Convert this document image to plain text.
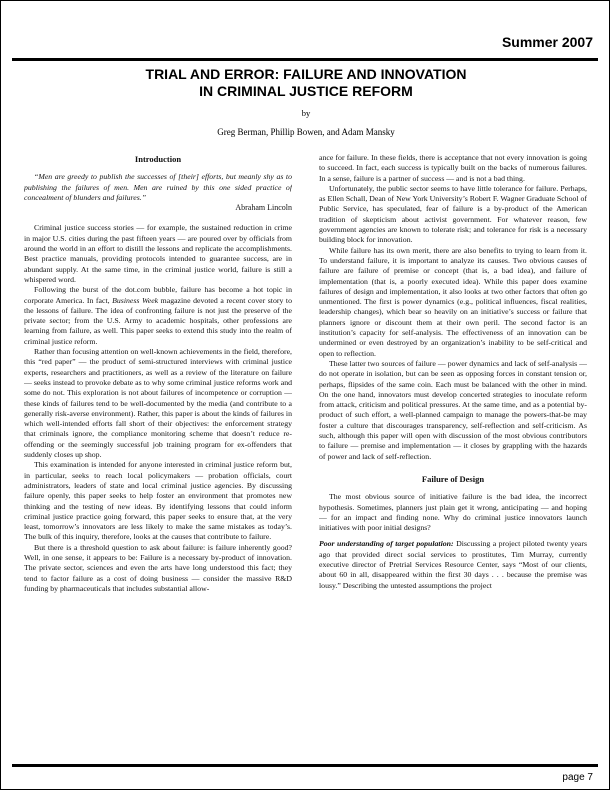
Summer 2007
TRIAL AND ERROR: FAILURE AND INNOVATION
IN CRIMINAL JUSTICE REFORM
by
Greg Berman, Phillip Bowen, and Adam Mansky
Introduction

“Men are greedy to publish the successes of [their] efforts, but meanly shy as to publishing the failures of men. Men are ruined by this one sided practice of concealment of blunders and failures.”

Abraham Lincoln

Criminal justice success stories — for example, the sustained reduction in crime in major U.S. cities during the past fifteen years — are poured over by officials from around the world in an effort to distill the lessons and replicate the accomplishments. Best practice manuals, providing protocols intended to guarantee success, are in abundant supply. At the same time, in the criminal justice world, failure is still a whispered word.

Following the burst of the dot.com bubble, failure has become a hot topic in corporate America. In fact, Business Week magazine devoted a recent cover story to the lessons of failure. The idea of confronting failure is not just the preserve of the private sector; from the U.S. Army to academic hospitals, other professions are learning from failure, as well. This paper seeks to extend this study into the realm of criminal justice reform.

Rather than focusing attention on well-known achievements in the field, therefore, this “red paper” — the product of semi-structured interviews with criminal justice experts, researchers and practitioners, as well as a review of the literature on failure — seeks instead to provoke debate as to why some criminal justice reforms work and some do not. This exploration is not about failures of incompetence or corruption — these kinds of failures tend to be well-documented by the media (and contribute to a generally risk-averse environment). Rather, this paper is about the kinds of failures in which well-intended efforts fall short of their objectives: the enforcement strategy that criminals ignore, the compliance monitoring scheme that doesn’t reduce re-offending or the seemingly successful job training program for ex-offenders that suddenly closes up shop.

This examination is intended for anyone interested in criminal justice reform but, in particular, seeks to reach local policymakers — probation officials, court administrators, leaders of state and local criminal justice agencies. By discussing failure openly, this paper seeks to help foster an environment that promotes new thinking and the testing of new ideas. By identifying lessons that could inform criminal justice practice going forward, this paper seeks to ensure that, at the very least, tomorrow’s innovators are less likely to make the same mistakes as today’s. The bulk of this inquiry, therefore, looks at the causes that contribute to failure.

But there is a threshold question to ask about failure: is failure inherently good? Well, in one sense, it appears to be: Failure is a necessary by-product of innovation. The private sector, sciences and even the arts have long understood this fact; they tend to factor failure as a cost of doing business — consider the massive R&D funding by pharmaceuticals that includes substantial allow-

ance for failure. In these fields, there is acceptance that not every innovation is going to succeed. In fact, each success is typically built on the backs of numerous failures. In a sense, failure is a partner of success — and is not a bad thing.

Unfortunately, the public sector seems to have little tolerance for failure. Perhaps, as Ellen Schall, Dean of New York University’s Robert F. Wagner Graduate School of Public Service, has speculated, fear of failure is a by-product of the American tradition of skepticism about activist government. For whatever reason, few government agencies are known to tolerate risk; and tolerance for risk is a necessary building block for innovation.

While failure has its own merit, there are also benefits to trying to learn from it. To understand failure, it is important to analyze its causes. Two obvious causes of failure are failure of premise or concept (that is, a bad idea), and failure of implementation (that is, a poorly executed idea). While this paper does examine failures of design and implementation, it also looks at two other factors that often go unmentioned. The first is power dynamics (e.g., political influences, fiscal realities, leadership changes), which bear so heavily on an initiative’s success or failure that planners ignore or discount them at their own peril. The second factor is an institution’s capacity for self-analysis. The effectiveness of an innovation can be undermined or even destroyed by an organization’s inability to be self-critical and open to reflection.

These latter two sources of failure — power dynamics and lack of self-analysis — do not operate in isolation, but can be seen as opposing forces in constant tension or, perhaps, flipsides of the same coin. Each must be balanced with the other in mind. On the one hand, innovators must develop concerted strategies to inoculate reform from attack, criticism and political pressures. At the same time, and as a potential by-product of such effort, a well-planned campaign to manage the powers-that-be may foster a culture that discourages transparency, self-reflection and self-criticism. As such, although this paper will open with discussion of the most obvious contributors to failure — premise and implementation — it closes by grappling with the hazards of power and lack of self-reflection.

Failure of Design

The most obvious source of initiative failure is the bad idea, the incorrect hypothesis. Sometimes, planners just plain get it wrong, anticipating — and hoping — for an impact and finding none. Why do criminal justice innovators launch initiatives with poor initial designs?

Poor understanding of target population: Discussing a project piloted twenty years ago that provided direct social services to prostitutes, Tim Murray, currently executive director of Pretrial Services Resource Center, says “Most of our clients, about 60 in all, disappeared within the first 30 days . . . because the premise was lousy.” Describing the untested assumptions the project

page 7
